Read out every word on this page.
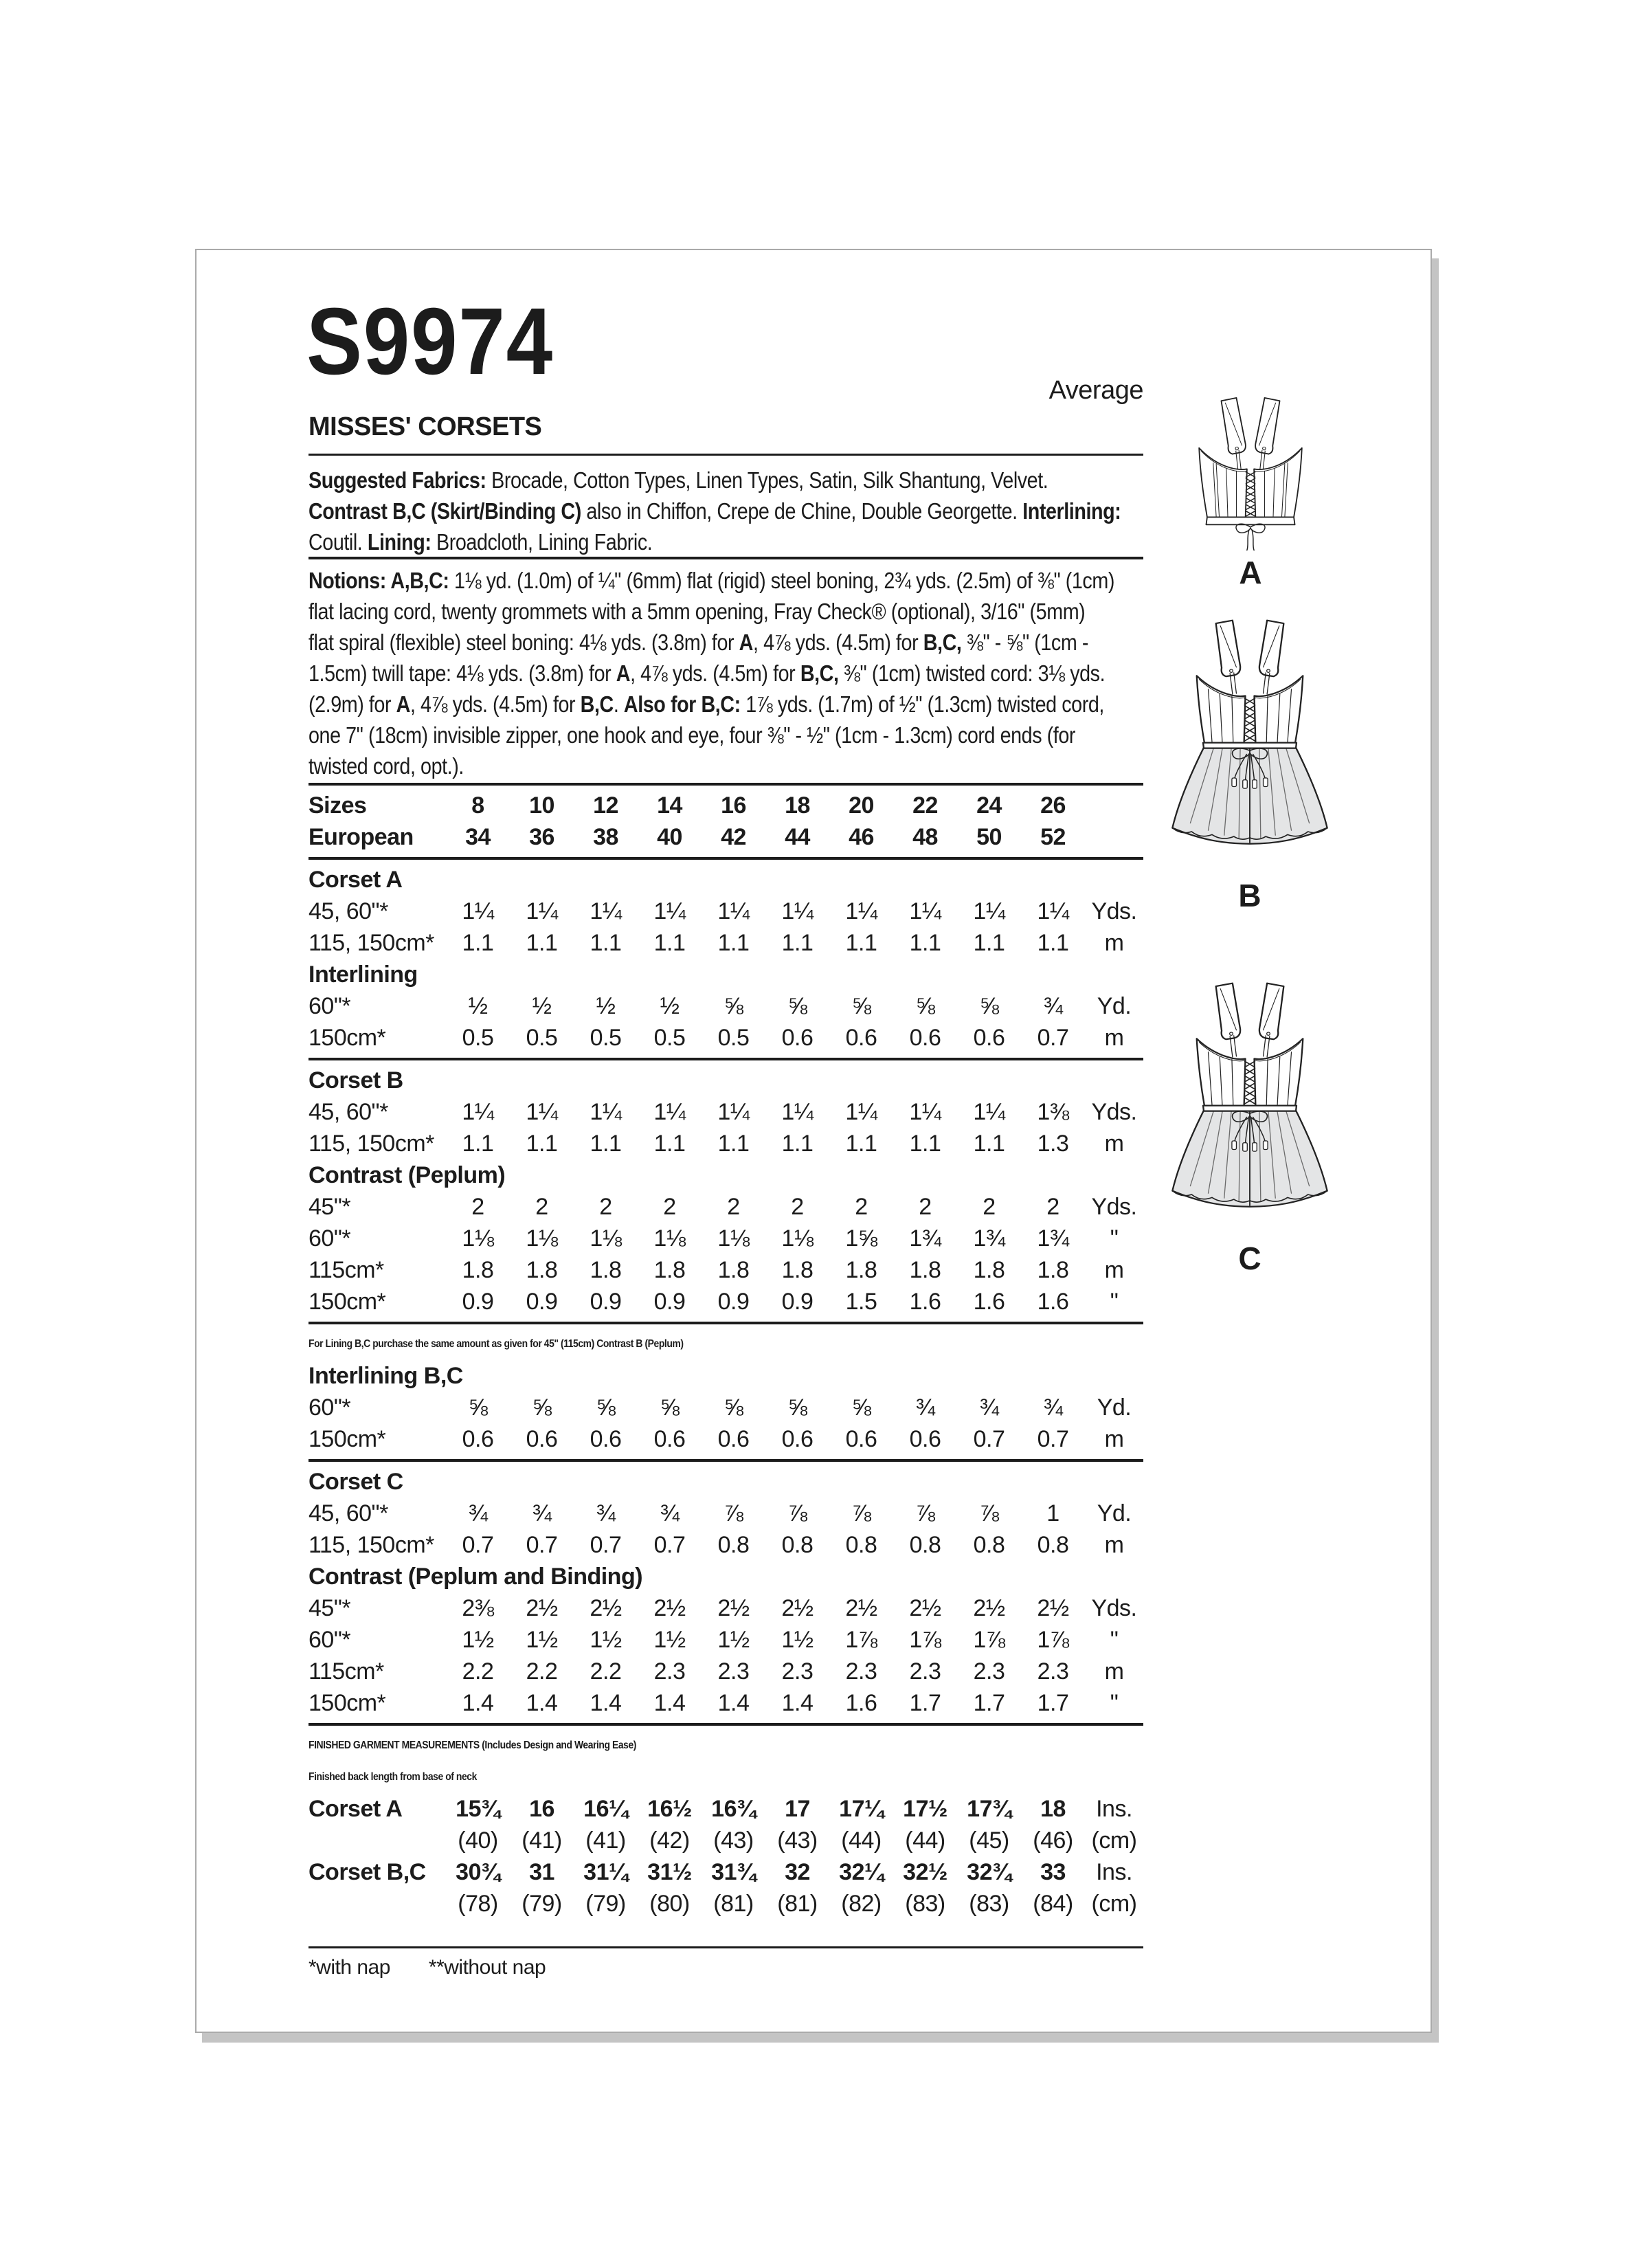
S9974	Average
MISSES' CORSETS
Suggested Fabrics: Brocade, Cotton Types, Linen Types, Satin, Silk Shantung, Velvet.
Contrast B,C (Skirt/Binding C) also in Chiffon, Crepe de Chine, Double Georgette. Interlining:
Coutil. Lining: Broadcloth, Lining Fabric.
Notions: A,B,C: 1⅛ yd. (1.0m) of ¼" (6mm) flat (rigid) steel boning, 2¾ yds. (2.5m) of ⅜" (1cm)
flat lacing cord, twenty grommets with a 5mm opening, Fray Check® (optional), 3/16" (5mm)
flat spiral (flexible) steel boning: 4⅛ yds. (3.8m) for A, 4⅞ yds. (4.5m) for B,C, ⅜" - ⅝" (1cm -
1.5cm) twill tape: 4⅛ yds. (3.8m) for A, 4⅞ yds. (4.5m) for B,C, ⅜" (1cm) twisted cord: 3⅛ yds.
(2.9m) for A, 4⅞ yds. (4.5m) for B,C. Also for B,C: 1⅞ yds. (1.7m) of ½" (1.3cm) twisted cord,
one 7" (18cm) invisible zipper, one hook and eye, four ⅜" - ½" (1cm - 1.3cm) cord ends (for
twisted cord, opt.).
Sizes	8	10	12	14	16	18	20	22	24	26
European	34	36	38	40	42	44	46	48	50	52
Corset A
45, 60"*	1¼	1¼	1¼	1¼	1¼	1¼	1¼	1¼	1¼	1¼ Yds.
115, 150cm*	1.1	1.1	1.1	1.1	1.1	1.1	1.1	1.1	1.1	1.1	m
Interlining
60"*	½	½	½	½	⅝	⅝	⅝	⅝	⅝	¾	Yd.
150cm*	0.5	0.5	0.5	0.5	0.5	0.6	0.6	0.6	0.6	0.7	m
Corset B
45, 60"*	1¼	1¼	1¼	1¼	1¼	1¼	1¼	1¼	1¼	1⅜ Yds.
115, 150cm*	1.1	1.1	1.1	1.1	1.1	1.1	1.1	1.1	1.1	1.3	m
Contrast (Peplum)
45"*	2	2	2	2	2	2	2	2	2	2	Yds.
60"*	1⅛	1⅛	1⅛	1⅛	1⅛	1⅛	1⅝	1¾	1¾	1¾	"
115cm*	1.8	1.8	1.8	1.8	1.8	1.8	1.8	1.8	1.8	1.8	m
150cm*	0.9	0.9	0.9	0.9	0.9	0.9	1.5	1.6	1.6	1.6	"
For Lining B,C purchase the same amount as given for 45" (115cm) Contrast B (Peplum)
Interlining B,C
60"*	⅝	⅝	⅝	⅝	⅝	⅝	⅝	¾	¾	¾	Yd.
150cm*	0.6	0.6	0.6	0.6	0.6	0.6	0.6	0.6	0.7	0.7	m
Corset C
45, 60"*	¾	¾	¾	¾	⅞	⅞	⅞	⅞	⅞	1	Yd.
115, 150cm*	0.7	0.7	0.7	0.7	0.8	0.8	0.8	0.8	0.8	0.8	m
Contrast (Peplum and Binding)
45"*	2⅜	2½	2½	2½	2½	2½	2½	2½	2½	2½ Yds.
60"*	1½	1½	1½	1½	1½	1½	1⅞	1⅞	1⅞	1⅞	"
115cm*	2.2	2.2	2.2	2.3	2.3	2.3	2.3	2.3	2.3	2.3	m
150cm*	1.4	1.4	1.4	1.4	1.4	1.4	1.6	1.7	1.7	1.7	"
FINISHED GARMENT MEASUREMENTS (Includes Design and Wearing Ease)
Finished back length from base of neck
Corset A	15¾	16	16¼ 16½ 16¾	17	17¼ 17½ 17¾	18	Ins.
(40)	(41)	(41)	(42)	(43)	(43)	(44)	(44)	(45)	(46) (cm)
Corset B,C	30¾	31	31¼ 31½ 31¾	32	32¼ 32½ 32¾	33	Ins.
(78)	(79)	(79)	(80)	(81)	(81)	(82)	(83)	(83)	(84) (cm)
*with nap **without nap
A
B
C
